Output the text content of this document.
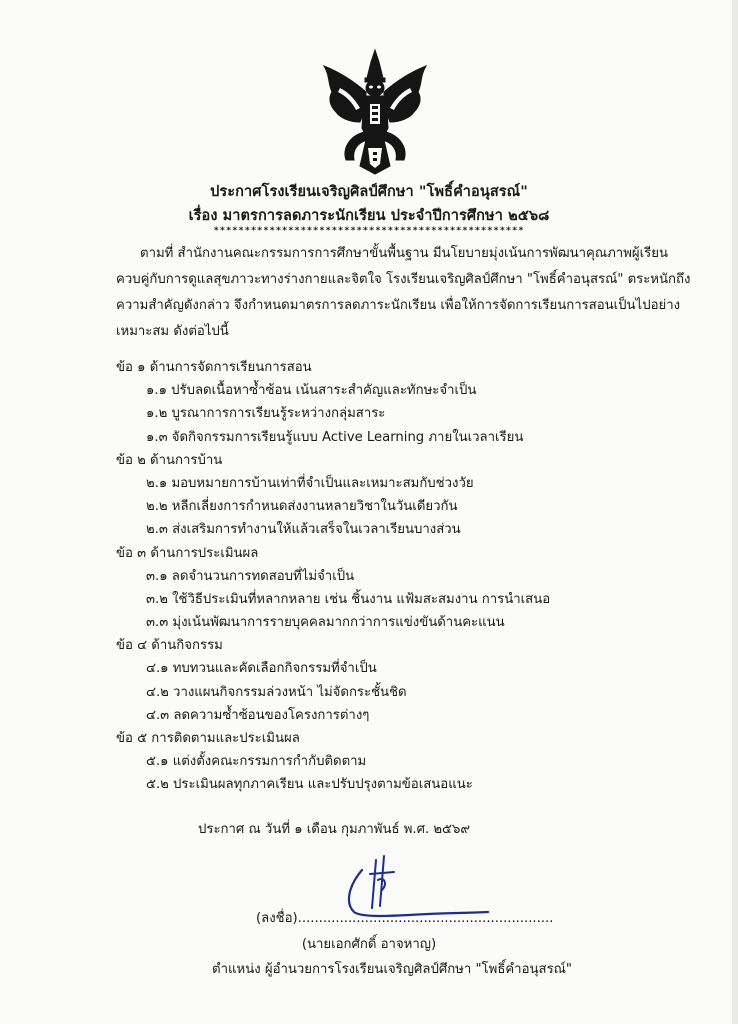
ประกาศโรงเรียนเจริญศิลป์ศึกษา "โพธิ์คำอนุสรณ์"
เรื่อง มาตรการลดภาระนักเรียน ประจำปีการศึกษา ๒๕๖๘
**************************************************
ตามที่ สำนักงานคณะกรรมการการศึกษาขั้นพื้นฐาน มีนโยบายมุ่งเน้นการพัฒนาคุณภาพผู้เรียน
ควบคู่กับการดูแลสุขภาวะทางร่างกายและจิตใจ โรงเรียนเจริญศิลป์ศึกษา "โพธิ์คำอนุสรณ์" ตระหนักถึง
ความสำคัญดังกล่าว จึงกำหนดมาตรการลดภาระนักเรียน เพื่อให้การจัดการเรียนการสอนเป็นไปอย่าง
เหมาะสม ดังต่อไปนี้
ข้อ ๑ ด้านการจัดการเรียนการสอน
๑.๑ ปรับลดเนื้อหาซ้ำซ้อน เน้นสาระสำคัญและทักษะจำเป็น
๑.๒ บูรณาการการเรียนรู้ระหว่างกลุ่มสาระ
๑.๓ จัดกิจกรรมการเรียนรู้แบบ Active Learning ภายในเวลาเรียน
ข้อ ๒ ด้านการบ้าน
๒.๑ มอบหมายการบ้านเท่าที่จำเป็นและเหมาะสมกับช่วงวัย
๒.๒ หลีกเลี่ยงการกำหนดส่งงานหลายวิชาในวันเดียวกัน
๒.๓ ส่งเสริมการทำงานให้แล้วเสร็จในเวลาเรียนบางส่วน
ข้อ ๓ ด้านการประเมินผล
๓.๑ ลดจำนวนการทดสอบที่ไม่จำเป็น
๓.๒ ใช้วิธีประเมินที่หลากหลาย เช่น ชิ้นงาน แฟ้มสะสมงาน การนำเสนอ
๓.๓ มุ่งเน้นพัฒนาการรายบุคคลมากกว่าการแข่งขันด้านคะแนน
ข้อ ๔ ด้านกิจกรรม
๔.๑ ทบทวนและคัดเลือกกิจกรรมที่จำเป็น
๔.๒ วางแผนกิจกรรมล่วงหน้า ไม่จัดกระชั้นชิด
๔.๓ ลดความซ้ำซ้อนของโครงการต่างๆ
ข้อ ๕ การติดตามและประเมินผล
๕.๑ แต่งตั้งคณะกรรมการกำกับติดตาม
๕.๒ ประเมินผลทุกภาคเรียน และปรับปรุงตามข้อเสนอแนะ
ประกาศ ณ วันที่ ๑ เดือน กุมภาพันธ์ พ.ศ. ๒๕๖๙
(ลงชื่อ).............................................................
(นายเอกศักดิ์ อาจหาญ)
ตำแหน่ง ผู้อำนวยการโรงเรียนเจริญศิลป์ศึกษา "โพธิ์คำอนุสรณ์"
